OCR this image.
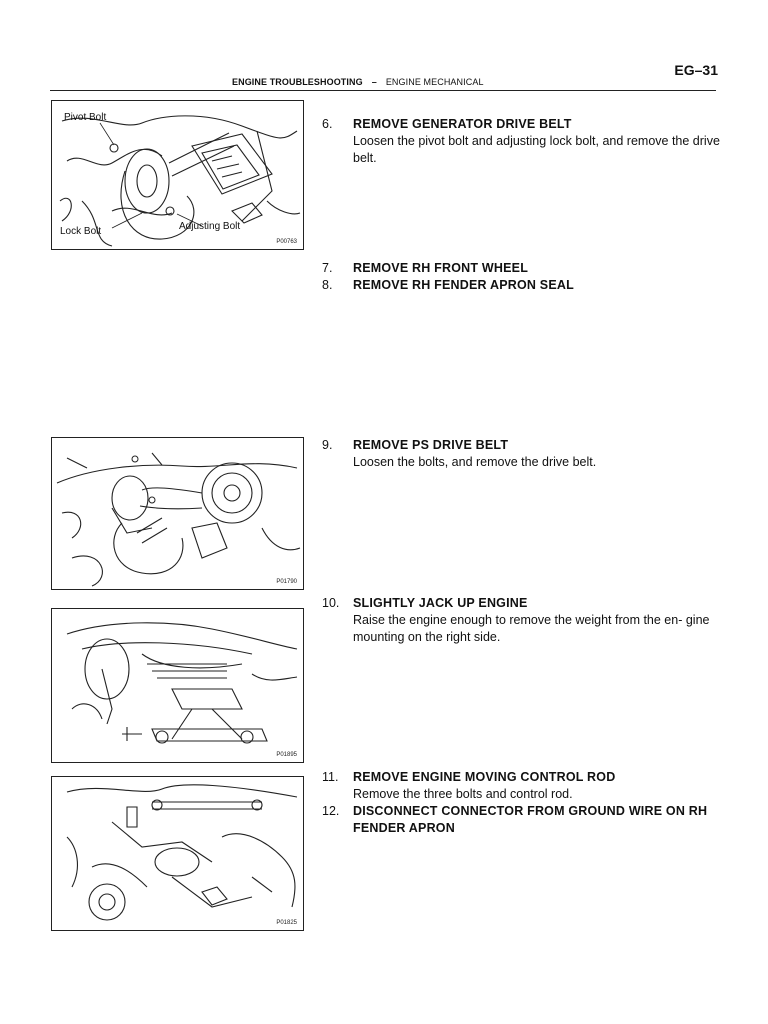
EG–31
ENGINE TROUBLESHOOTING – ENGINE MECHANICAL
Pivot Bolt
Lock Bolt	Adjusting Bolt
P00763
P01790
P01895
P01825
6.	REMOVE GENERATOR DRIVE BELT
Loosen the pivot bolt and adjusting lock bolt, and remove the drive belt.
7.	REMOVE RH FRONT WHEEL
8.	REMOVE RH FENDER APRON SEAL
9.	REMOVE PS DRIVE BELT
Loosen the bolts, and remove the drive belt.
10.	SLIGHTLY JACK UP ENGINE
Raise the engine enough to remove the weight from the en- gine mounting on the right side.
11.	REMOVE ENGINE MOVING CONTROL ROD
Remove the three bolts and control rod.
12.	DISCONNECT CONNECTOR FROM GROUND WIRE ON RH FENDER APRON
